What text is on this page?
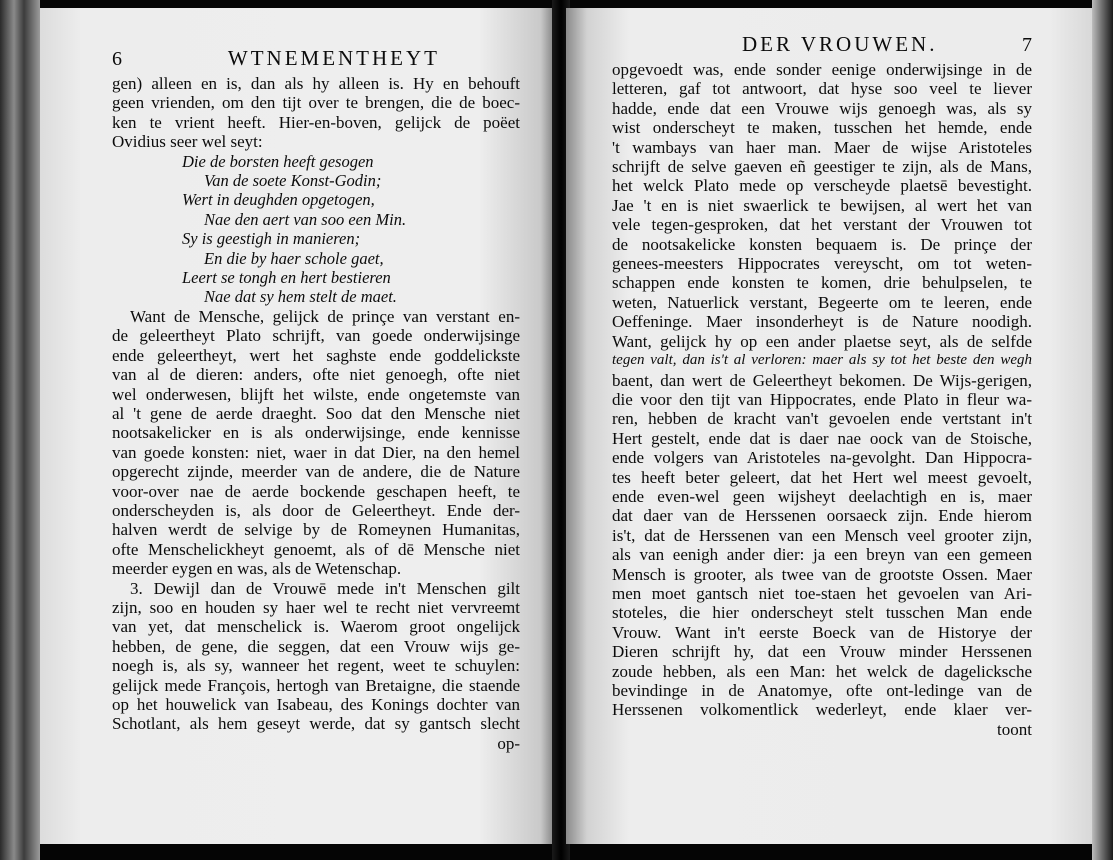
6	WTNEMENTHEYT
gen) alleen en is, dan als hy alleen is. Hy en behouft
geen vrienden, om den tijt over te brengen, die de boec-
ken te vrient heeft. Hier-en-boven, gelijck de poëet
Ovidius seer wel seyt:
Die de borsten heeft gesogen
Van de soete Konst-Godin;
Wert in deughden opgetogen,
Nae den aert van soo een Min.
Sy is geestigh in manieren;
En die by haer schole gaet,
Leert se tongh en hert bestieren
Nae dat sy hem stelt de maet.
Want de Mensche, gelijck de prinçe van verstant en-
de geleertheyt Plato schrijft, van goede onderwijsinge
ende geleertheyt, wert het saghste ende goddelickste
van al de dieren: anders, ofte niet genoegh, ofte niet
wel onderwesen, blijft het wilste, ende ongetemste van
al 't gene de aerde draeght. Soo dat den Mensche niet
nootsakelicker en is als onderwijsinge, ende kennisse
van goede konsten: niet, waer in dat Dier, na den hemel
opgerecht zijnde, meerder van de andere, die de Nature
voor-over nae de aerde bockende geschapen heeft, te
onderscheyden is, als door de Geleertheyt. Ende der-
halven werdt de selvige by de Romeynen Humanitas,
ofte Menschelickheyt genoemt, als of dē Mensche niet
meerder eygen en was, als de Wetenschap.
3. Dewijl dan de Vrouwē mede in't Menschen gilt
zijn, soo en houden sy haer wel te recht niet vervreemt
van yet, dat menschelick is. Waerom groot ongelijck
hebben, de gene, die seggen, dat een Vrouw wijs ge-
noegh is, als sy, wanneer het regent, weet te schuylen:
gelijck mede François, hertogh van Bretaigne, die staende
op het houwelick van Isabeau, des Konings dochter van
Schotlant, als hem geseyt werde, dat sy gantsch slecht
op-
DER VROUWEN.	7
opgevoedt was, ende sonder eenige onderwijsinge in de
letteren, gaf tot antwoort, dat hyse soo veel te liever
hadde, ende dat een Vrouwe wijs genoegh was, als sy
wist onderscheyt te maken, tusschen het hemde, ende
't wambays van haer man. Maer de wijse Aristoteles
schrijft de selve gaeven eñ geestiger te zijn, als de Mans,
het welck Plato mede op verscheyde plaetsē bevestight.
Jae 't en is niet swaerlick te bewijsen, al wert het van
vele tegen-gesproken, dat het verstant der Vrouwen tot
de nootsakelicke konsten bequaem is. De prinçe der
genees-meesters Hippocrates vereyscht, om tot weten-
schappen ende konsten te komen, drie behulpselen, te
weten, Natuerlick verstant, Begeerte om te leeren, ende
Oeffeninge. Maer insonderheyt is de Nature noodigh.
Want, gelijck hy op een ander plaetse seyt, als de selfde
tegen valt, dan is't al verloren: maer als sy tot het beste den wegh
baent, dan wert de Geleertheyt bekomen. De Wijs-gerigen,
die voor den tijt van Hippocrates, ende Plato in fleur wa-
ren, hebben de kracht van't gevoelen ende vertstant in't
Hert gestelt, ende dat is daer nae oock van de Stoische,
ende volgers van Aristoteles na-gevolght. Dan Hippocra-
tes heeft beter geleert, dat het Hert wel meest gevoelt,
ende even-wel geen wijsheyt deelachtigh en is, maer
dat daer van de Herssenen oorsaeck zijn. Ende hierom
is't, dat de Herssenen van een Mensch veel grooter zijn,
als van eenigh ander dier: ja een breyn van een gemeen
Mensch is grooter, als twee van de grootste Ossen. Maer
men moet gantsch niet toe-staen het gevoelen van Ari-
stoteles, die hier onderscheyt stelt tusschen Man ende
Vrouw. Want in't eerste Boeck van de Historye der
Dieren schrijft hy, dat een Vrouw minder Herssenen
zoude hebben, als een Man: het welck de dagelicksche
bevindinge in de Anatomye, ofte ont-ledinge van de
Herssenen volkomentlick wederleyt, ende klaer ver-
toont
